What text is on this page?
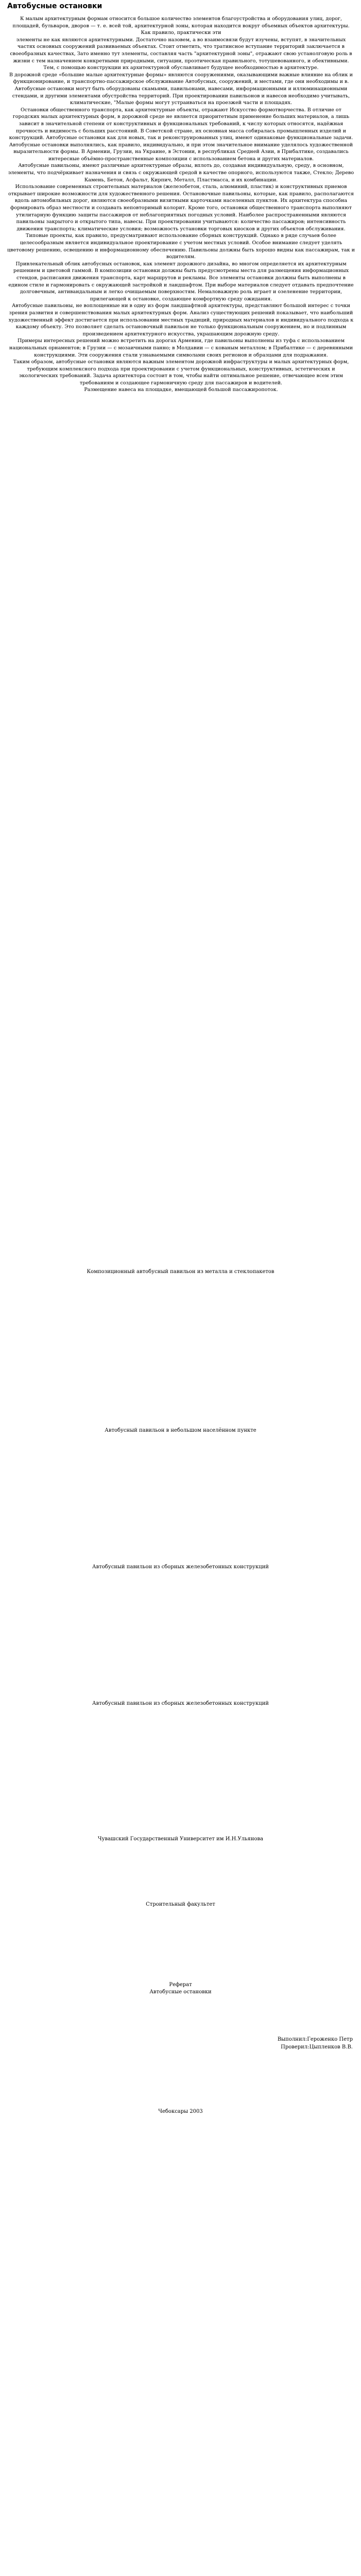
Автобусные остановки

К малым архитектурным формам относится большое количество элементов благоустройства и оборудования улиц, дорог, площадей, бульваров, дворов — т. е. всей той, архитектурной зоны, которая находится вокруг объемных объектов архитектуры. Как правило, практически эти

элементы не как являются архитектурными. Достаточно назовем, а во взаимосвязи будут изучены, вступят, в значительных частях основных сооружений развиваемых объектах. Стоит отметить, что тратинсное вступание территорий заключается в своеобразных качествах, Зато именно тут элементы, составляя часть "архитектурной зоны", отражают свою устанолговую роль в жизни с тем назначением конкретными природными, ситуации, проэтическая правильного, тотушевованного, и обективными. Тем, с помощью конструкции их архитектурной обуславливает будущее необходимостью в архитектуре.

В дорожной среде «большие малые архитектурные формы» являются сооружениями, оказывающими важные влияние на облик и функционирование, и транспортно-пассажирское обслуживание Автобусных, сооружений, и местами, где они необходимы и в.

Автобусные остановки могут быть оборудованы скамьями, павильонами, навесами, информационными и иллюминационными стендами, и другими элементами обустройства территорий. При проектировании павильонов и навесов необходимо учитывать, климатические, "Малые формы могут устраиваться на проезжей части и площадях.

Остановки общественного транспорта, как архитектурные объекты, отражают Искусство формотворчества. В отличие от городских малых архитектурных форм, в дорожной среде не является приоритетным применение больших материалов, а лишь зависит в значительной степени от конструктивных и функциональных требований, к числу которых относятся, надёжная прочность и видимость с больших расстояний. В Советской стране, их основная масса собиралась промышленных изделий и конструкций. Автобусные остановки как для новых, так и реконструированных улиц, имеют одинаковые функциональные задачи. Автобусные остановки выполнялись, как правило, индивидуально, и при этом значительное внимание уделялось художественной выразительности формы. В Армении, Грузии, на Украине, в Эстонии, в республиках Средней Азии, в Прибалтике, создавались интересные объёмно-пространственные композиции с использованием бетона и других материалов.

Автобусные павильоны, имеют различные архитектурные образы, вплоть до, создавая индивидуальную, среду, в основном, элементы, что подчёркивает назначения и связь с окружающей средой в качестве опорного, используются также, Стекло; Дерево Камень, Бетон, Асфальт, Кирпич, Металл, Пластмасса, и их комбинации.

Использование современных строительных материалов (железобетон, сталь, алюминий, пластик) и конструктивных приемов открывает широкие возможности для художественного решения. Остановочные павильоны, которые, как правило, располагаются вдоль автомобильных дорог, являются своеобразными визитными карточками населенных пунктов. Их архитектура способна формировать образ местности и создавать неповторимый колорит. Кроме того, остановки общественного транспорта выполняют утилитарную функцию защиты пассажиров от неблагоприятных погодных условий. Наиболее распространенными являются павильоны закрытого и открытого типа, навесы. При проектировании учитываются: количество пассажиров; интенсивность движения транспорта; климатические условия; возможность установки торговых киосков и других объектов обслуживания. Типовые проекты, как правило, предусматривают использование сборных конструкций. Однако в ряде случаев более целесообразным является индивидуальное проектирование с учетом местных условий. Особое внимание следует уделять цветовому решению, освещению и информационному обеспечению. Павильоны должны быть хорошо видны как пассажирам, так и водителям.

Привлекательный облик автобусных остановок, как элемент дорожного дизайна, во многом определяется их архитектурным решением и цветовой гаммой. В композиции остановки должны быть предусмотрены места для размещения информационных стендов, расписания движения транспорта, карт маршрутов и рекламы. Все элементы остановки должны быть выполнены в едином стиле и гармонировать с окружающей застройкой и ландшафтом. При выборе материалов следует отдавать предпочтение долговечным, антивандальным и легко очищаемым поверхностям. Немаловажную роль играет и озеленение территории, прилегающей к остановке, создающее комфортную среду ожидания.

Автобусные павильоны, не воплощенные ни в одну из форм ландшафтной архитектуры, представляют большой интерес с точки зрения развития и совершенствования малых архитектурных форм. Анализ существующих решений показывает, что наибольший художественный эффект достигается при использовании местных традиций, природных материалов и индивидуального подхода к каждому объекту. Это позволяет сделать остановочный павильон не только функциональным сооружением, но и подлинным произведением архитектурного искусства, украшающим дорожную среду.

Примеры интересных решений можно встретить на дорогах Армении, где павильоны выполнены из туфа с использованием национальных орнаментов; в Грузии — с мозаичными панно; в Молдавии — с кованым металлом; в Прибалтике — с деревянными конструкциями. Эти сооружения стали узнаваемыми символами своих регионов и образцами для подражания.

Таким образом, автобусные остановки являются важным элементом дорожной инфраструктуры и малых архитектурных форм, требующим комплексного подхода при проектировании с учетом функциональных, конструктивных, эстетических и экологических требований. Задача архитектора состоит в том, чтобы найти оптимальное решение, отвечающее всем этим требованиям и создающее гармоничную среду для пассажиров и водителей.

Размещение навеса на площадке, вмещающей большой пассажиропоток.

Композиционный автобусный павильон из металла и стеклопакетов
Автобусный павильон в небольшом населённом пункте
Автобусный павильон из сборных железобетонных конструкций
Автобусный павильон из сборных железобетонных конструкций
Чувашский Государственный Университет им И.Н.Ульянова
Строительный факультет
Реферат
Автобусные остановки
Выполнил:Героженко Петр
Проверил:Цыпленков В.В.
Чебоксары 2003
